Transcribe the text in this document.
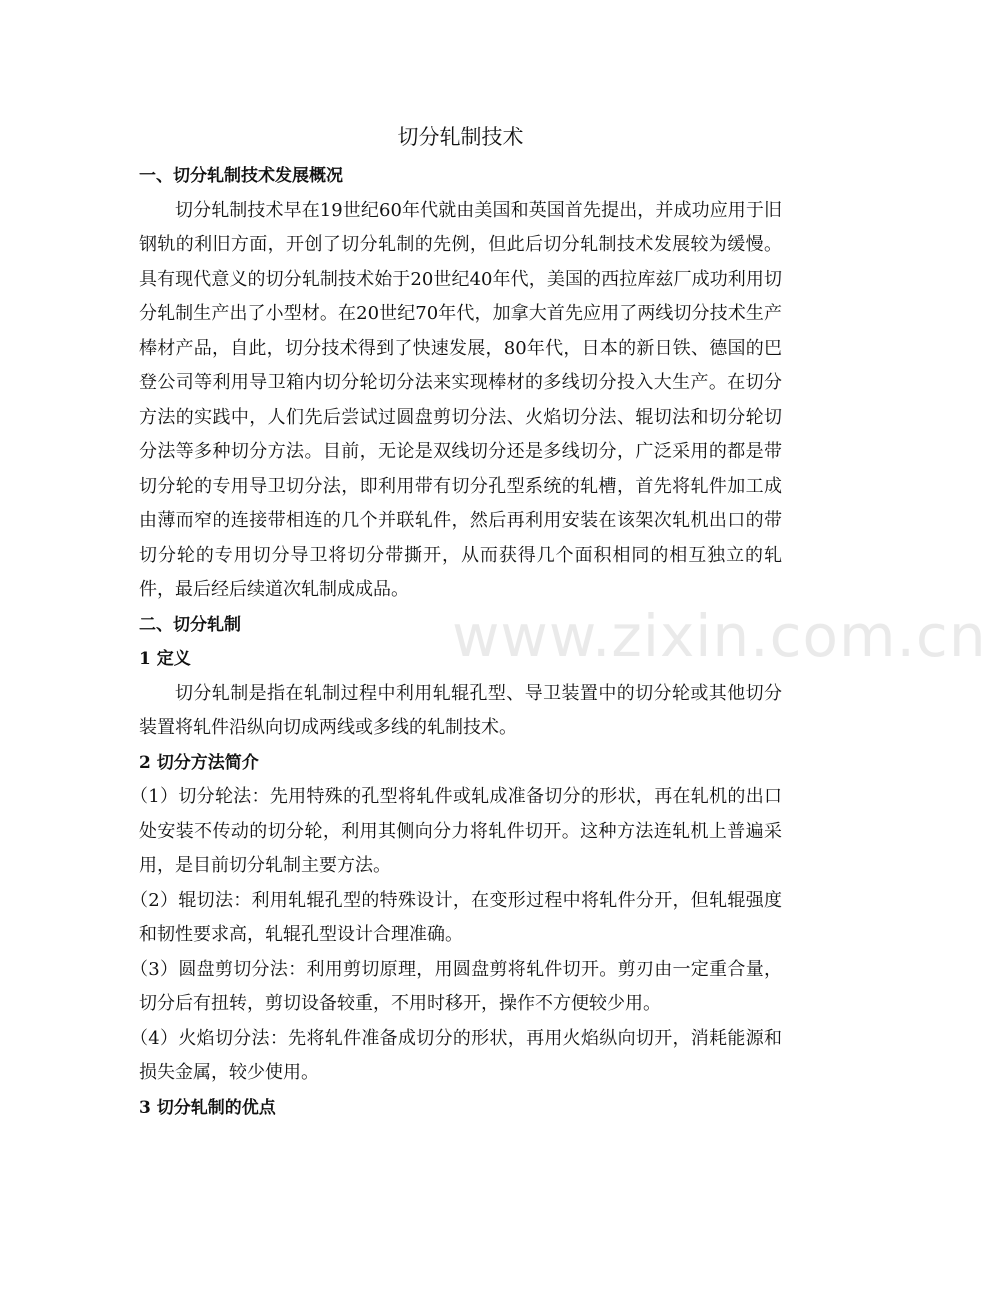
切分轧制技术
一、切分轧制技术发展概况
切分轧制技术早在19世纪60年代就由美国和英国首先提出，并成功应用于旧钢轨的利旧方面，开创了切分轧制的先例，但此后切分轧制技术发展较为缓慢。具有现代意义的切分轧制技术始于20世纪40年代，美国的西拉库兹厂成功利用切分轧制生产出了小型材。在20世纪70年代，加拿大首先应用了两线切分技术生产棒材产品，自此，切分技术得到了快速发展，80年代，日本的新日铁、德国的巴登公司等利用导卫箱内切分轮切分法来实现棒材的多线切分投入大生产。在切分方法的实践中，人们先后尝试过圆盘剪切分法、火焰切分法、辊切法和切分轮切分法等多种切分方法。目前，无论是双线切分还是多线切分，广泛采用的都是带切分轮的专用导卫切分法，即利用带有切分孔型系统的轧槽，首先将轧件加工成由薄而窄的连接带相连的几个并联轧件，然后再利用安装在该架次轧机出口的带切分轮的专用切分导卫将切分带撕开，从而获得几个面积相同的相互独立的轧件，最后经后续道次轧制成成品。
二、切分轧制
1 定义
切分轧制是指在轧制过程中利用轧辊孔型、导卫装置中的切分轮或其他切分装置将轧件沿纵向切成两线或多线的轧制技术。
2 切分方法简介
（1）切分轮法：先用特殊的孔型将轧件或轧成准备切分的形状，再在轧机的出口处安装不传动的切分轮，利用其侧向分力将轧件切开。这种方法连轧机上普遍采用，是目前切分轧制主要方法。
（2）辊切法：利用轧辊孔型的特殊设计，在变形过程中将轧件分开，但轧辊强度和韧性要求高，轧辊孔型设计合理准确。
（3）圆盘剪切分法：利用剪切原理，用圆盘剪将轧件切开。剪刃由一定重合量，切分后有扭转，剪切设备较重，不用时移开，操作不方便较少用。
（4）火焰切分法：先将轧件准备成切分的形状，再用火焰纵向切开，消耗能源和损失金属，较少使用。
3 切分轧制的优点
www.zixin.com.cn
